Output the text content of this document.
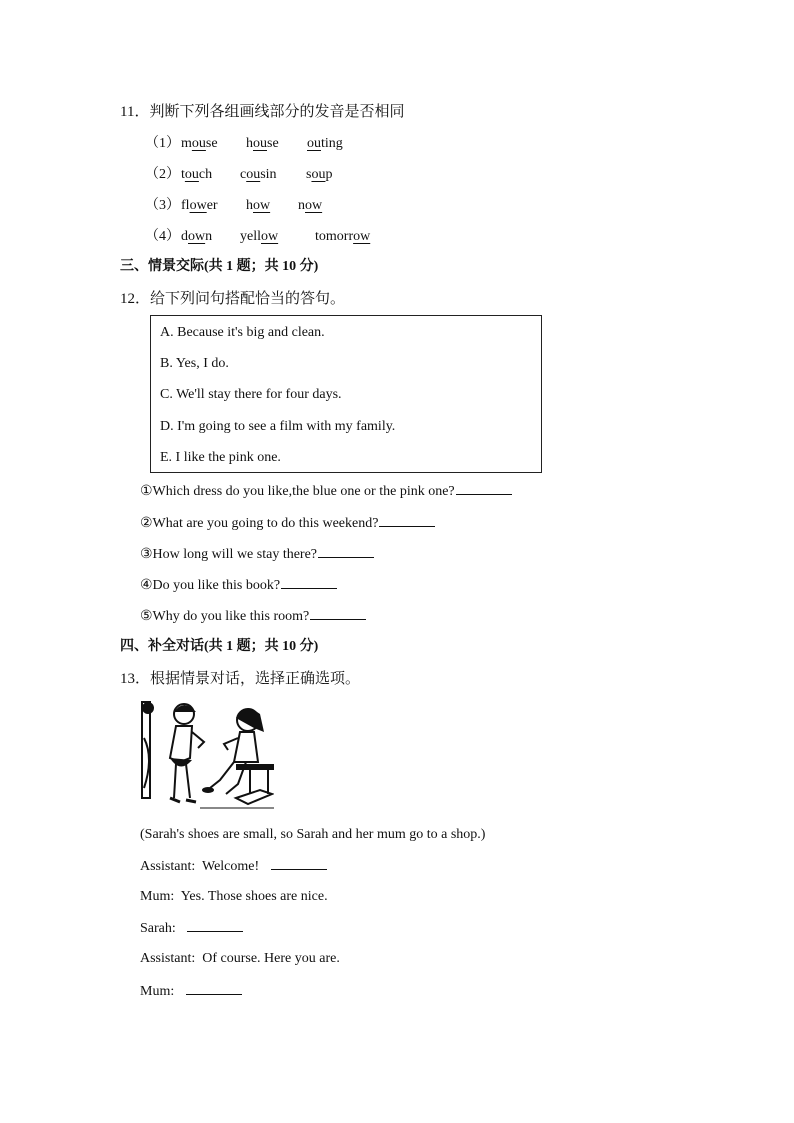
11．判断下列各组画线部分的发音是否相同
（1） mouse house outing
（2） touch cousin soup
（3） flower how now
（4） down yellow	tomorrow
三、情景交际(共 1 题；共 10 分)
12．给下列问句搭配恰当的答句。
A. Because it's big and clean.
B. Yes, I do.
C. We'll stay there for four days.
D. I'm going to see a film with my family.
E. I like the pink one.
①Which dress do you like,the blue one or the pink one?
②What are you going to do this weekend?
③How long will we stay there?
④Do you like this book?
⑤Why do you like this room?
四、补全对话(共 1 题；共 10 分)
13．根据情景对话，选择正确选项。
(Sarah's shoes are small, so Sarah and her mum go to a shop.)
Assistant: Welcome!
Mum: Yes. Those shoes are nice.
Sarah:
Assistant: Of course. Here you are.
Mum:
